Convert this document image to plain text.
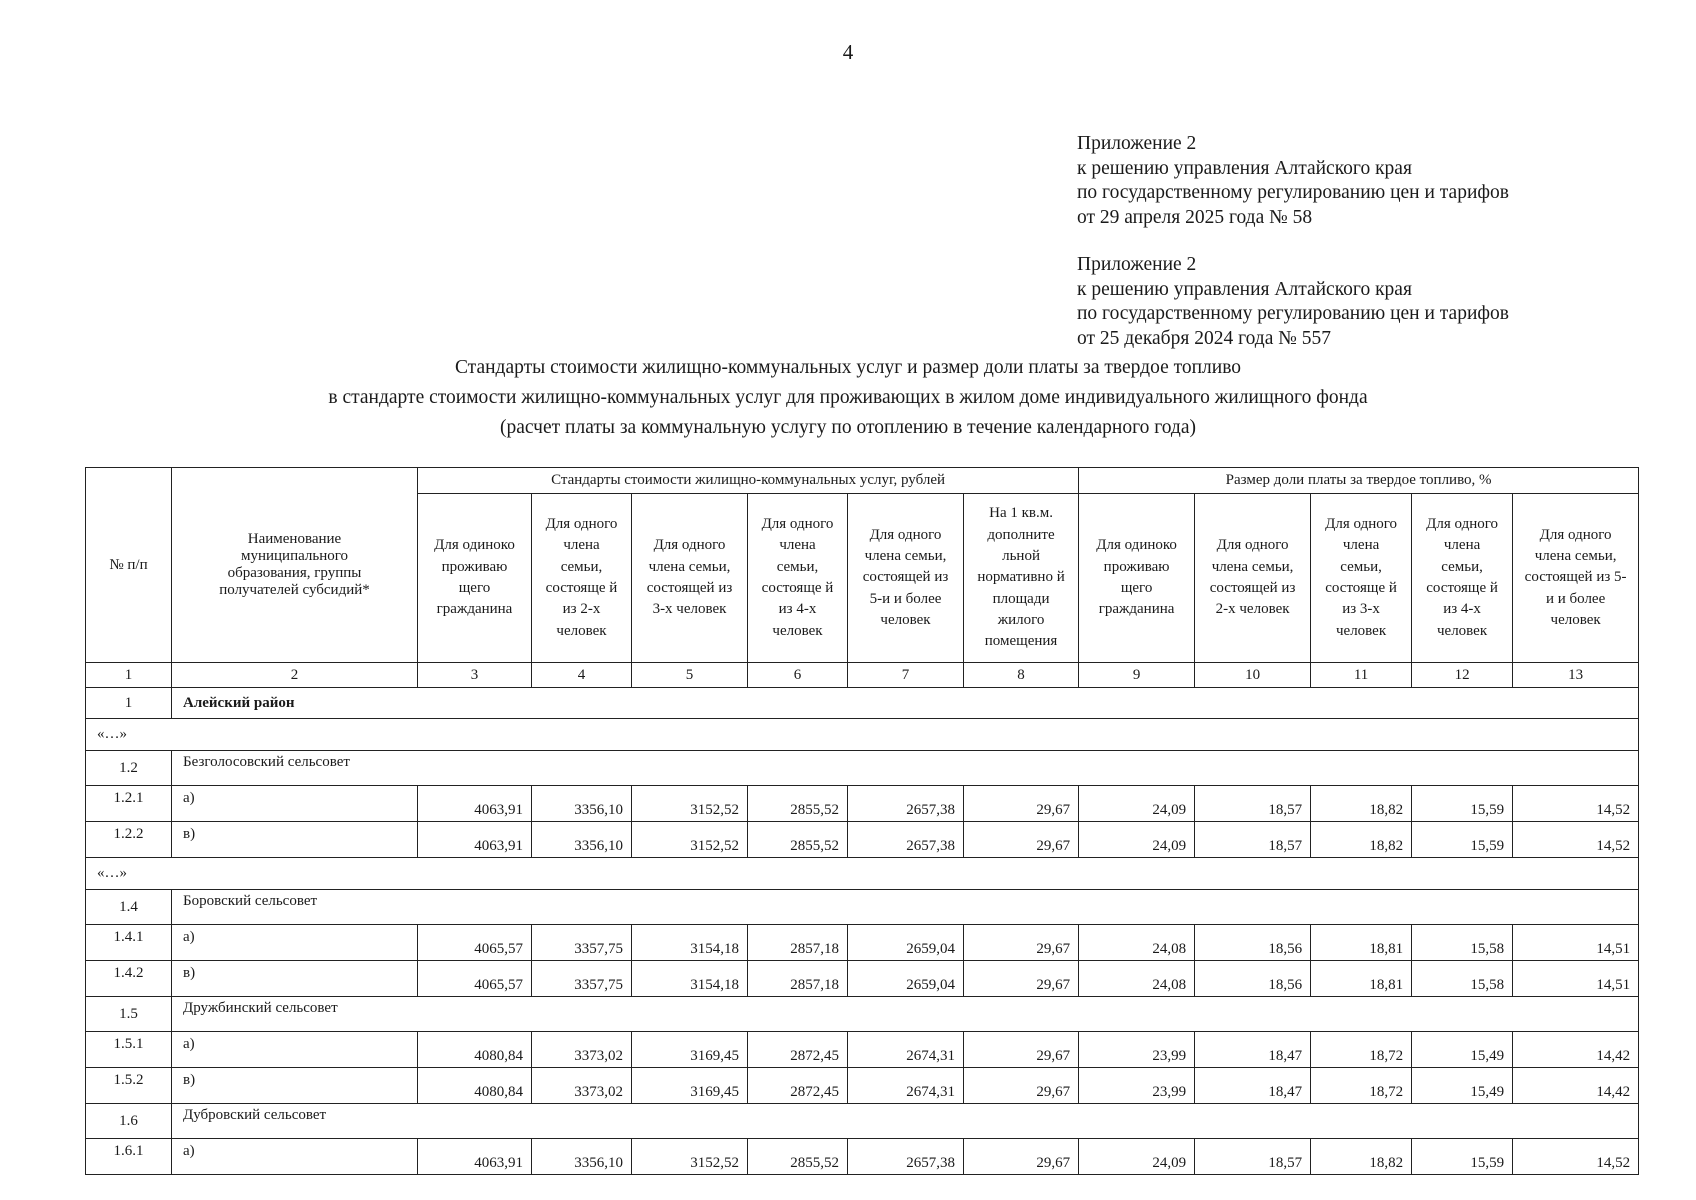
4
Приложение 2
к решению управления Алтайского края
по государственному регулированию цен и тарифов
от 29 апреля 2025 года № 58
Приложение 2
к решению управления Алтайского края
по государственному регулированию цен и тарифов
от 25 декабря 2024 года № 557
Стандарты стоимости жилищно-коммунальных услуг и размер доли платы за твердое топливо
в стандарте стоимости жилищно-коммунальных услуг для проживающих в жилом доме индивидуального жилищного фонда
(расчет платы за коммунальную услугу по отоплению в течение календарного года)
№ п/п	Наименование муниципального образования, группы получателей субсидий*	Стандарты стоимости жилищно-коммунальных услуг, рублей						Размер доли платы за твердое топливо, %				
		Для одиноко проживаю щего гражданина	Для одного члена семьи, состояще й из 2-х человек	Для одного члена семьи, состоящей из 3-х человек	Для одного члена семьи, состояще й из 4-х человек	Для одного члена семьи, состоящей из 5-и и более человек	На 1 кв.м. дополните льной нормативно й площади жилого помещения	Для одиноко проживаю щего гражданина	Для одного члена семьи, состоящей из 2-х человек	Для одного члена семьи, состояще й из 3-х человек	Для одного члена семьи, состояще й из 4-х человек	Для одного члена семьи, состоящей из 5-и и более человек
1	2	3	4	5	6	7	8	9	10	11	12	13
1	Алейский район											
«…»												
1.2	Безголосовский сельсовет											
1.2.1	а)	4063,91	3356,10	3152,52	2855,52	2657,38	29,67	24,09	18,57	18,82	15,59	14,52
1.2.2	в)	4063,91	3356,10	3152,52	2855,52	2657,38	29,67	24,09	18,57	18,82	15,59	14,52
«…»												
1.4	Боровский сельсовет											
1.4.1	а)	4065,57	3357,75	3154,18	2857,18	2659,04	29,67	24,08	18,56	18,81	15,58	14,51
1.4.2	в)	4065,57	3357,75	3154,18	2857,18	2659,04	29,67	24,08	18,56	18,81	15,58	14,51
1.5	Дружбинский сельсовет											
1.5.1	а)	4080,84	3373,02	3169,45	2872,45	2674,31	29,67	23,99	18,47	18,72	15,49	14,42
1.5.2	в)	4080,84	3373,02	3169,45	2872,45	2674,31	29,67	23,99	18,47	18,72	15,49	14,42
1.6	Дубровский сельсовет											
1.6.1	а)	4063,91	3356,10	3152,52	2855,52	2657,38	29,67	24,09	18,57	18,82	15,59	14,52
